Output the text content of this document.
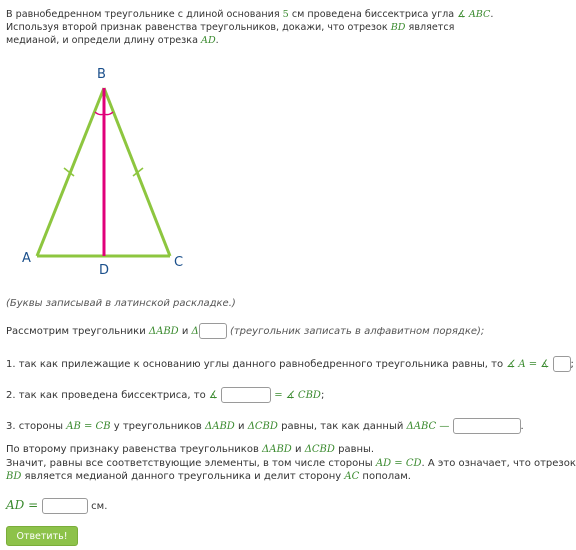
В равнобедренном треугольнике с длиной основания 5 см проведена биссектриса угла ∡ ABC. Используя второй признак равенства треугольников, докажи, что отрезок BD является медианой, и определи длину отрезка AD.
B
A	C
D
(Буквы записывай в латинской раскладке.)
Рассмотрим треугольники ΔABD и Δ	(треугольник записать в алфавитном порядке);
1. так как прилежащие к основанию углы данного равнобедренного треугольника равны, то ∡ A = ∡ ;
2. так как проведена биссектриса, то ∡	= ∡ CBD;
3. стороны AB = CB у треугольников ΔABD и ΔCBD равны, так как данный ΔABC —	.
По второму признаку равенства треугольников ΔABD и ΔCBD равны.
Значит, равны все соответствующие элементы, в том числе стороны AD = CD. А это означает, что отрезок
BD является медианой данного треугольника и делит сторону AC пополам.
AD =	см.
Ответить!
